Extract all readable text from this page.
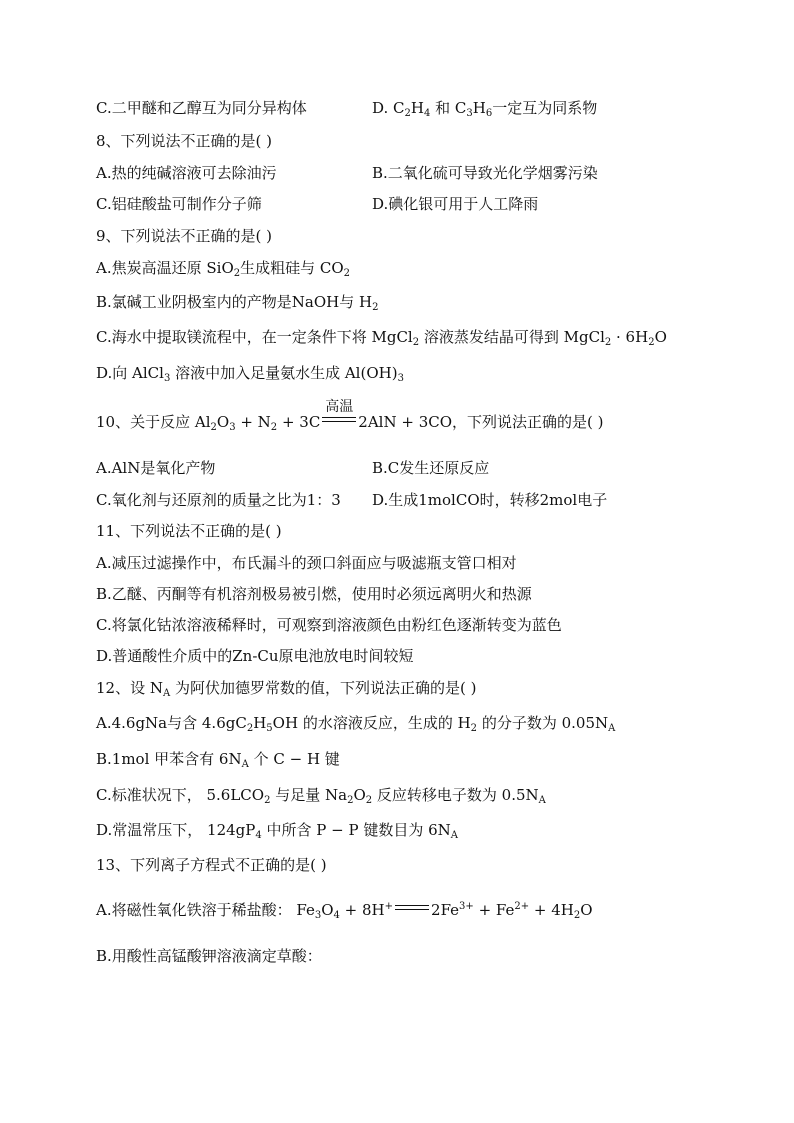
C.二甲醚和乙醇互为同分异构体	D. $C_2H_4$ 和 $C_3H_6$一定互为同系物
8、下列说法不正确的是( )
A.热的纯碱溶液可去除油污	B.二氧化硫可导致光化学烟雾污染
C.铝硅酸盐可制作分子筛	D.碘化银可用于人工降雨
9、下列说法不正确的是( )
A.焦炭高温还原 SiO$_2$生成粗硅与 $CO_2$
B.氯碱工业阴极室内的产物是NaOH与 $H_2$
C.海水中提取镁流程中，在一定条件下将 MgCl$_2$ 溶液蒸发结晶可得到 MgCl$_2$ · $6H_2O$
D.向 AlCl$_3$ 溶液中加入足量氨水生成 $Al(OH)_3$
10、关于反应 $Al_2O_3 + N_2 + 3C$
高温
2AlN + 3CO，下列说法正确的是( )
A.AlN是氧化产物	B.C发生还原反应
C.氧化剂与还原剂的质量之比为1：3 D.生成1molCO时，转移2mol电子
11、下列说法不正确的是( )
A.减压过滤操作中，布氏漏斗的颈口斜面应与吸滤瓶支管口相对
B.乙醚、丙酮等有机溶剂极易被引燃，使用时必须远离明火和热源
C.将氯化钴浓溶液稀释时，可观察到溶液颜色由粉红色逐渐转变为蓝色
D.普通酸性介质中的Zn-Cu原电池放电时间较短
12、设 $N_A$ 为阿伏加德罗常数的值，下列说法正确的是( )
A.4.6gNa与含 $4.6gC_2H_5OH$ 的水溶液反应，生成的 $H_2$ 的分子数为 $0.05N_A$
B.1mol 甲苯含有 $6N_A$ 个 C − H 键
C.标准状况下， $5.6LCO_2$ 与足量 $Na_2O_2$ 反应转移电子数为 $0.5N_A$
D.常温常压下， $124gP_4$ 中所含 P − P 键数目为 $6N_A$
13、下列离子方程式不正确的是( )
A.将磁性氧化铁溶于稀盐酸： $Fe_3O_4 + 8H^+$	$2Fe^{3+} + Fe^{2+} + 4H_2O$
B.用酸性高锰酸钾溶液滴定草酸：
